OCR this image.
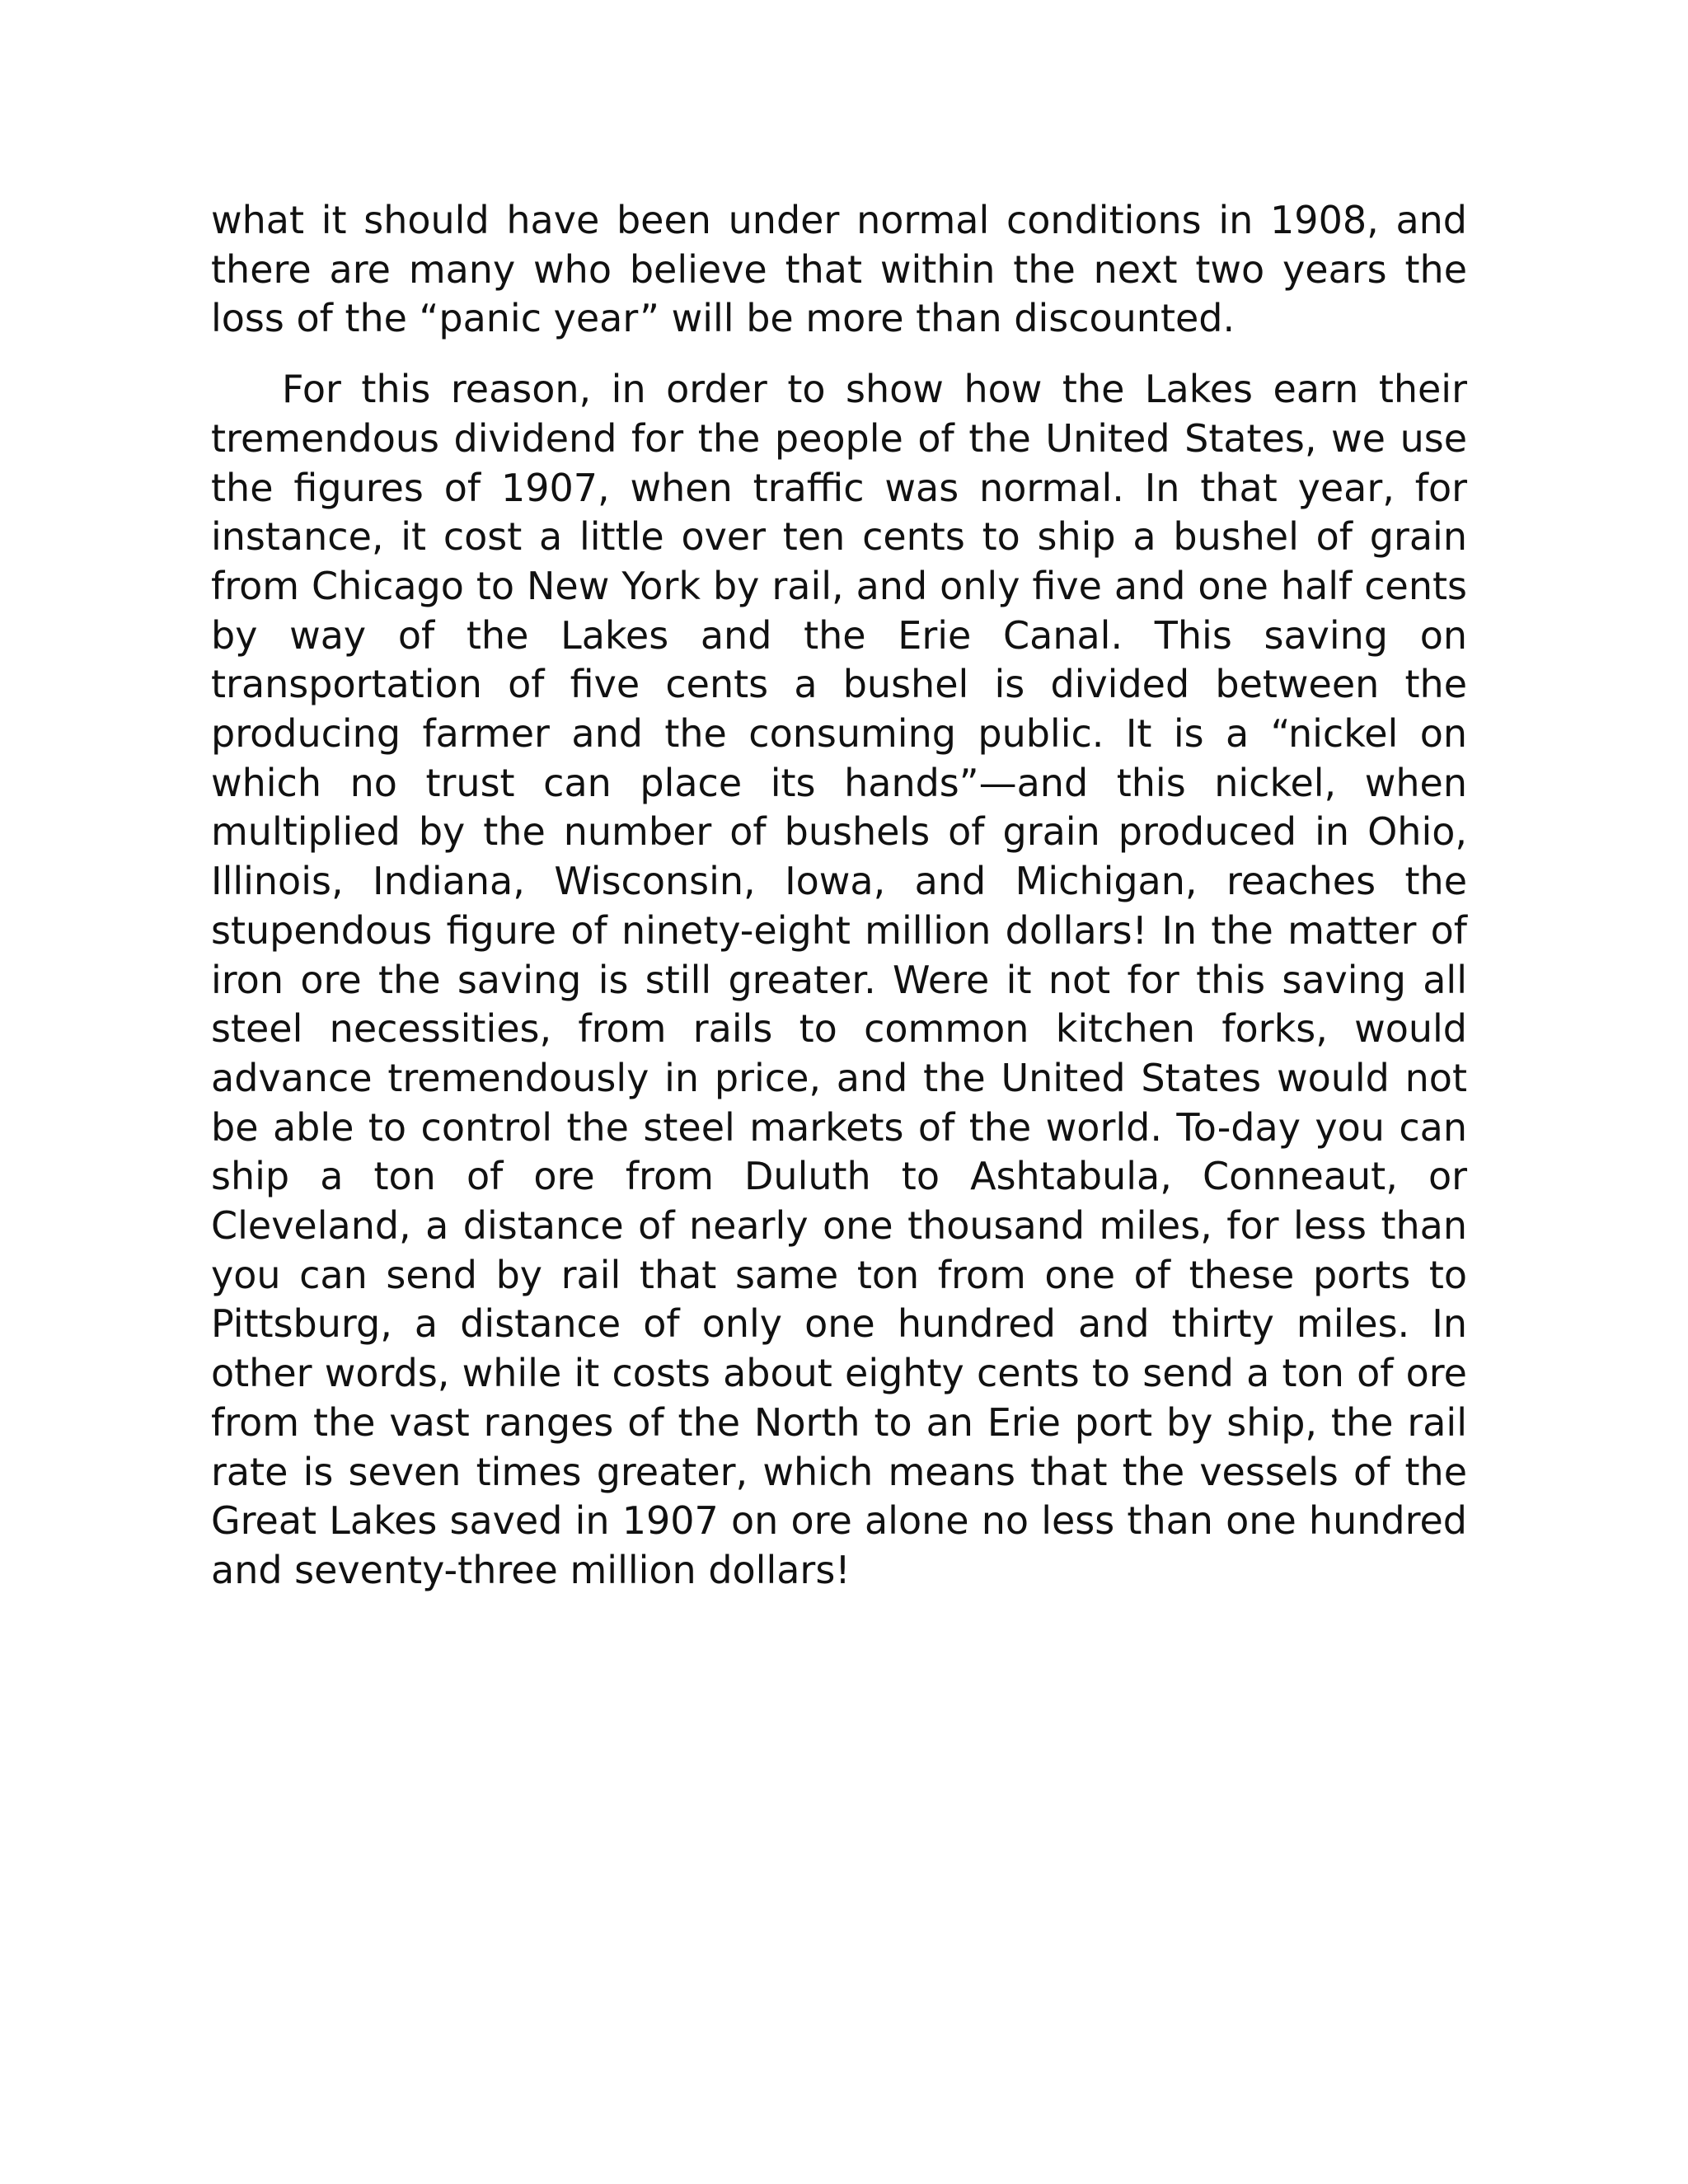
what it should have been under normal conditions in 1908, and there are many who believe that within the next two years the loss of the “panic year” will be more than discounted.

For this reason, in order to show how the Lakes earn their tremendous dividend for the people of the United States, we use the figures of 1907, when traffic was normal. In that year, for instance, it cost a little over ten cents to ship a bushel of grain from Chicago to New York by rail, and only five and one half cents by way of the Lakes and the Erie Canal. This saving on transportation of five cents a bushel is divided between the producing farmer and the consuming public. It is a “nickel on which no trust can place its hands”—and this nickel, when multiplied by the number of bushels of grain produced in Ohio, Illinois, Indiana, Wisconsin, Iowa, and Michigan, reaches the stupendous figure of ninety-eight million dollars! In the matter of iron ore the saving is still greater. Were it not for this saving all steel necessities, from rails to common kitchen forks, would advance tremendously in price, and the United States would not be able to control the steel markets of the world. To-day you can ship a ton of ore from Duluth to Ashtabula, Conneaut, or Cleveland, a distance of nearly one thousand miles, for less than you can send by rail that same ton from one of these ports to Pittsburg, a distance of only one hundred and thirty miles. In other words, while it costs about eighty cents to send a ton of ore from the vast ranges of the North to an Erie port by ship, the rail rate is seven times greater, which means that the vessels of the Great Lakes saved in 1907 on ore alone no less than one hundred and seventy-three million dollars!
